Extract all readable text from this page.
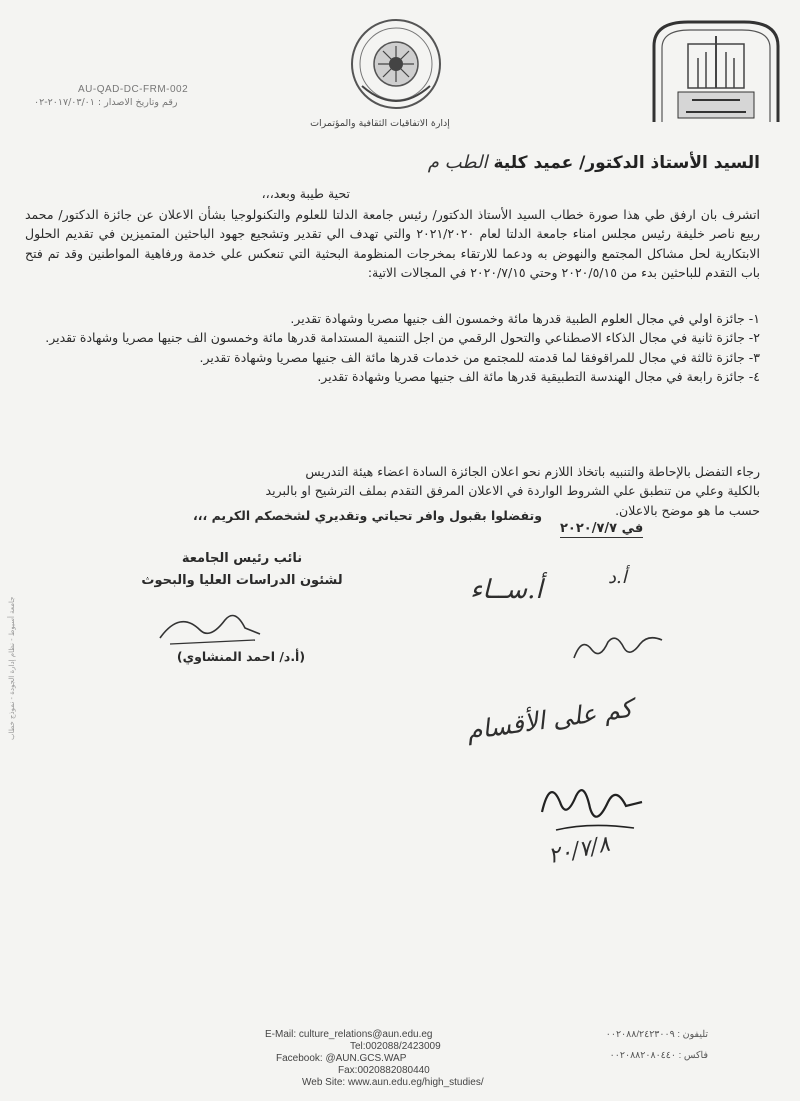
AU-QAD-DC-FRM-002
رقم وتاريخ الاصدار : ٢٠١٧/٠٣/٠١-٠٢
إدارة الاتفاقيات الثقافية والمؤتمرات
السيد الأستاذ الدكتور/ عميد كلية الطب م
تحية طيبة وبعد،،،
اتشرف بان ارفق طي هذا صورة خطاب السيد الأستاذ الدكتور/ رئيس جامعة الدلتا للعلوم والتكنولوجيا بشأن الاعلان عن جائزة الدكتور/ محمد ربيع ناصر خليفة رئيس مجلس امناء جامعة الدلتا لعام ٢٠٢١/٢٠٢٠ والتي تهدف الي تقدير وتشجيع جهود الباحثين المتميزين في تقديم الحلول الابتكارية لحل مشاكل المجتمع والنهوض به ودعما للارتقاء بمخرجات المنظومة البحثية التي تنعكس علي خدمة ورفاهية المواطنين وقد تم فتح باب التقدم للباحثين بدء من ٢٠٢٠/٥/١٥ وحتي ٢٠٢٠/٧/١٥ في المجالات الاتية:

١- جائزة اولي في مجال العلوم الطبية قدرها مائة وخمسون الف جنيها مصريا وشهادة تقدير.

٢- جائزة ثانية في مجال الذكاء الاصطناعي والتحول الرقمي من اجل التنمية المستدامة قدرها مائة وخمسون الف جنيها مصريا وشهادة تقدير.

٣- جائزة ثالثة في مجال للمراقوفقا لما قدمته للمجتمع من خدمات قدرها مائة الف جنيها مصريا وشهادة تقدير.

٤- جائزة رابعة في مجال الهندسة التطبيقية قدرها مائة الف جنيها مصريا وشهادة تقدير.

رجاء التفضل بالإحاطة والتنبيه باتخاذ اللازم نحو اعلان الجائزة السادة اعضاء هيئة التدريس

بالكلية وعلي من تنطبق علي الشروط الواردة في الاعلان المرفق التقدم بملف الترشيح او بالبريد

حسب ما هو موضح بالاعلان.

وتفضلوا بقبول وافر تحياتي وتقديري لشخصكم الكريم ،،،
في ٢٠٢٠/٧/٧
نائب رئيس الجامعة
لشئون الدراسات العليا والبحوث
(أ.د/ احمد المنشاوي)
أ.د
أ.ســاء
كم على الأقسام
٢٠/٧/٨
جامعة أسيوط - نظام إدارة الجودة - نموذج خطاب
E-Mail: culture_relations@aun.edu.eg
Tel:002088/2423009
Facebook: @AUN.GCS.WAP
Fax:0020882080440
Web Site: www.aun.edu.eg/high_studies/
تليفون : ٠٠٢٠٨٨/٢٤٢٣٠٠٩
فاكس : ٠٠٢٠٨٨٢٠٨٠٤٤٠
